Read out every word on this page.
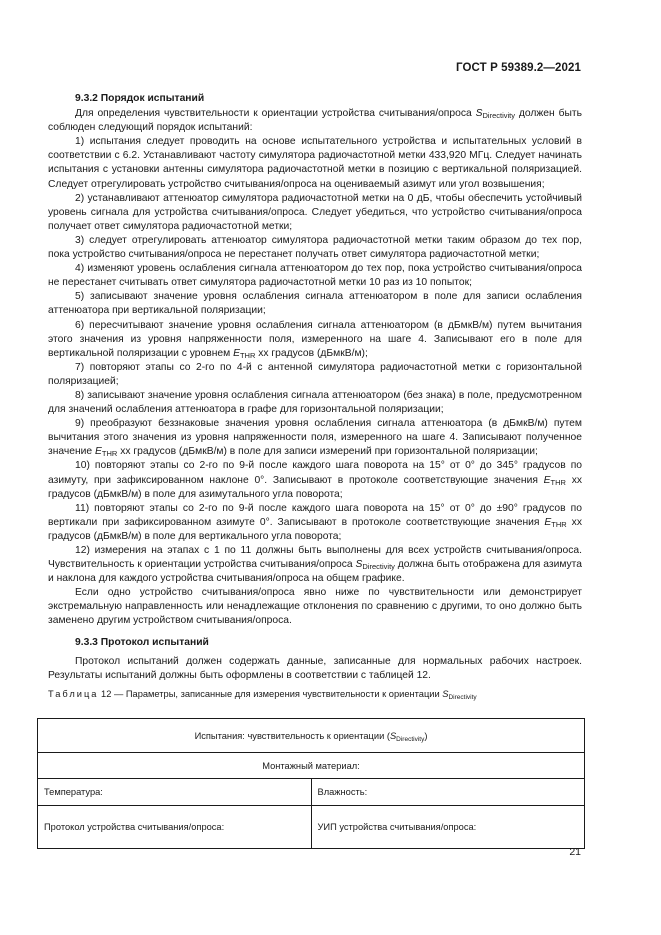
ГОСТ Р 59389.2—2021
9.3.2 Порядок испытаний

Для определения чувствительности к ориентации устройства считывания/опроса $S_{Directivity}$ должен быть соблюден следующий порядок испытаний:

1) испытания следует проводить на основе испытательного устройства и испытательных условий в соответствии с 6.2. Устанавливают частоту симулятора радиочастотной метки 433,920 МГц. Следует начинать испытания с установки антенны симулятора радиочастотной метки в позицию с вертикальной поляризацией. Следует отрегулировать устройство считывания/опроса на оцениваемый азимут или угол возвышения;

2) устанавливают аттенюатор симулятора радиочастотной метки на 0 дБ, чтобы обеспечить устойчивый уровень сигнала для устройства считывания/опроса. Следует убедиться, что устройство считывания/опроса получает ответ симулятора радиочастотной метки;

3) следует отрегулировать аттенюатор симулятора радиочастотной метки таким образом до тех пор, пока устройство считывания/опроса не перестанет получать ответ симулятора радиочастотной метки;

4) изменяют уровень ослабления сигнала аттенюатором до тех пор, пока устройство считывания/опроса не перестанет считывать ответ симулятора радиочастотной метки 10 раз из 10 попыток;

5) записывают значение уровня ослабления сигнала аттенюатором в поле для записи ослабления аттенюатора при вертикальной поляризации;

6) пересчитывают значение уровня ослабления сигнала аттенюатором (в дБмкВ/м) путем вычитания этого значения из уровня напряженности поля, измеренного на шаге 4. Записывают его в поле для вертикальной поляризации с уровнем $E_{THR}$ хх градусов (дБмкВ/м);

7) повторяют этапы со 2-го по 4-й с антенной симулятора радиочастотной метки с горизонтальной поляризацией;

8) записывают значение уровня ослабления сигнала аттенюатором (без знака) в поле, предусмотренном для значений ослабления аттенюатора в графе для горизонтальной поляризации;

9) преобразуют беззнаковые значения уровня ослабления сигнала аттенюатора (в дБмкВ/м) путем вычитания этого значения из уровня напряженности поля, измеренного на шаге 4. Записывают полученное значение $E_{THR}$ хх градусов (дБмкВ/м) в поле для записи измерений при горизонтальной поляризации;

10) повторяют этапы со 2-го по 9-й после каждого шага поворота на 15° от 0° до 345° градусов по азимуту, при зафиксированном наклоне 0°. Записывают в протоколе соответствующие значения $E_{THR}$ хх градусов (дБмкВ/м) в поле для азимутального угла поворота;

11) повторяют этапы со 2-го по 9-й после каждого шага поворота на 15° от 0° до ±90° градусов по вертикали при зафиксированном азимуте 0°. Записывают в протоколе соответствующие значения $E_{THR}$ хх градусов (дБмкВ/м) в поле для вертикального угла поворота;

12) измерения на этапах с 1 по 11 должны быть выполнены для всех устройств считывания/опроса. Чувствительность к ориентации устройства считывания/опроса $S_{Directivity}$ должна быть отображена для азимута и наклона для каждого устройства считывания/опроса на общем графике.

Если одно устройство считывания/опроса явно ниже по чувствительности или демонстрирует экстремальную направленность или ненадлежащие отклонения по сравнению с другими, то оно должно быть заменено другим устройством считывания/опроса.

9.3.3 Протокол испытаний

Протокол испытаний должен содержать данные, записанные для нормальных рабочих настроек. Результаты испытаний должны быть оформлены в соответствии с таблицей 12.

Таблица 12 — Параметры, записанные для измерения чувствительности к ориентации $S_{Directivity}$
Испытания: чувствительность к ориентации $(S_{Directivity})$	
Монтажный материал:	
Температура:	Влажность:
Протокол устройства считывания/опроса:	УИП устройства считывания/опроса:
21
